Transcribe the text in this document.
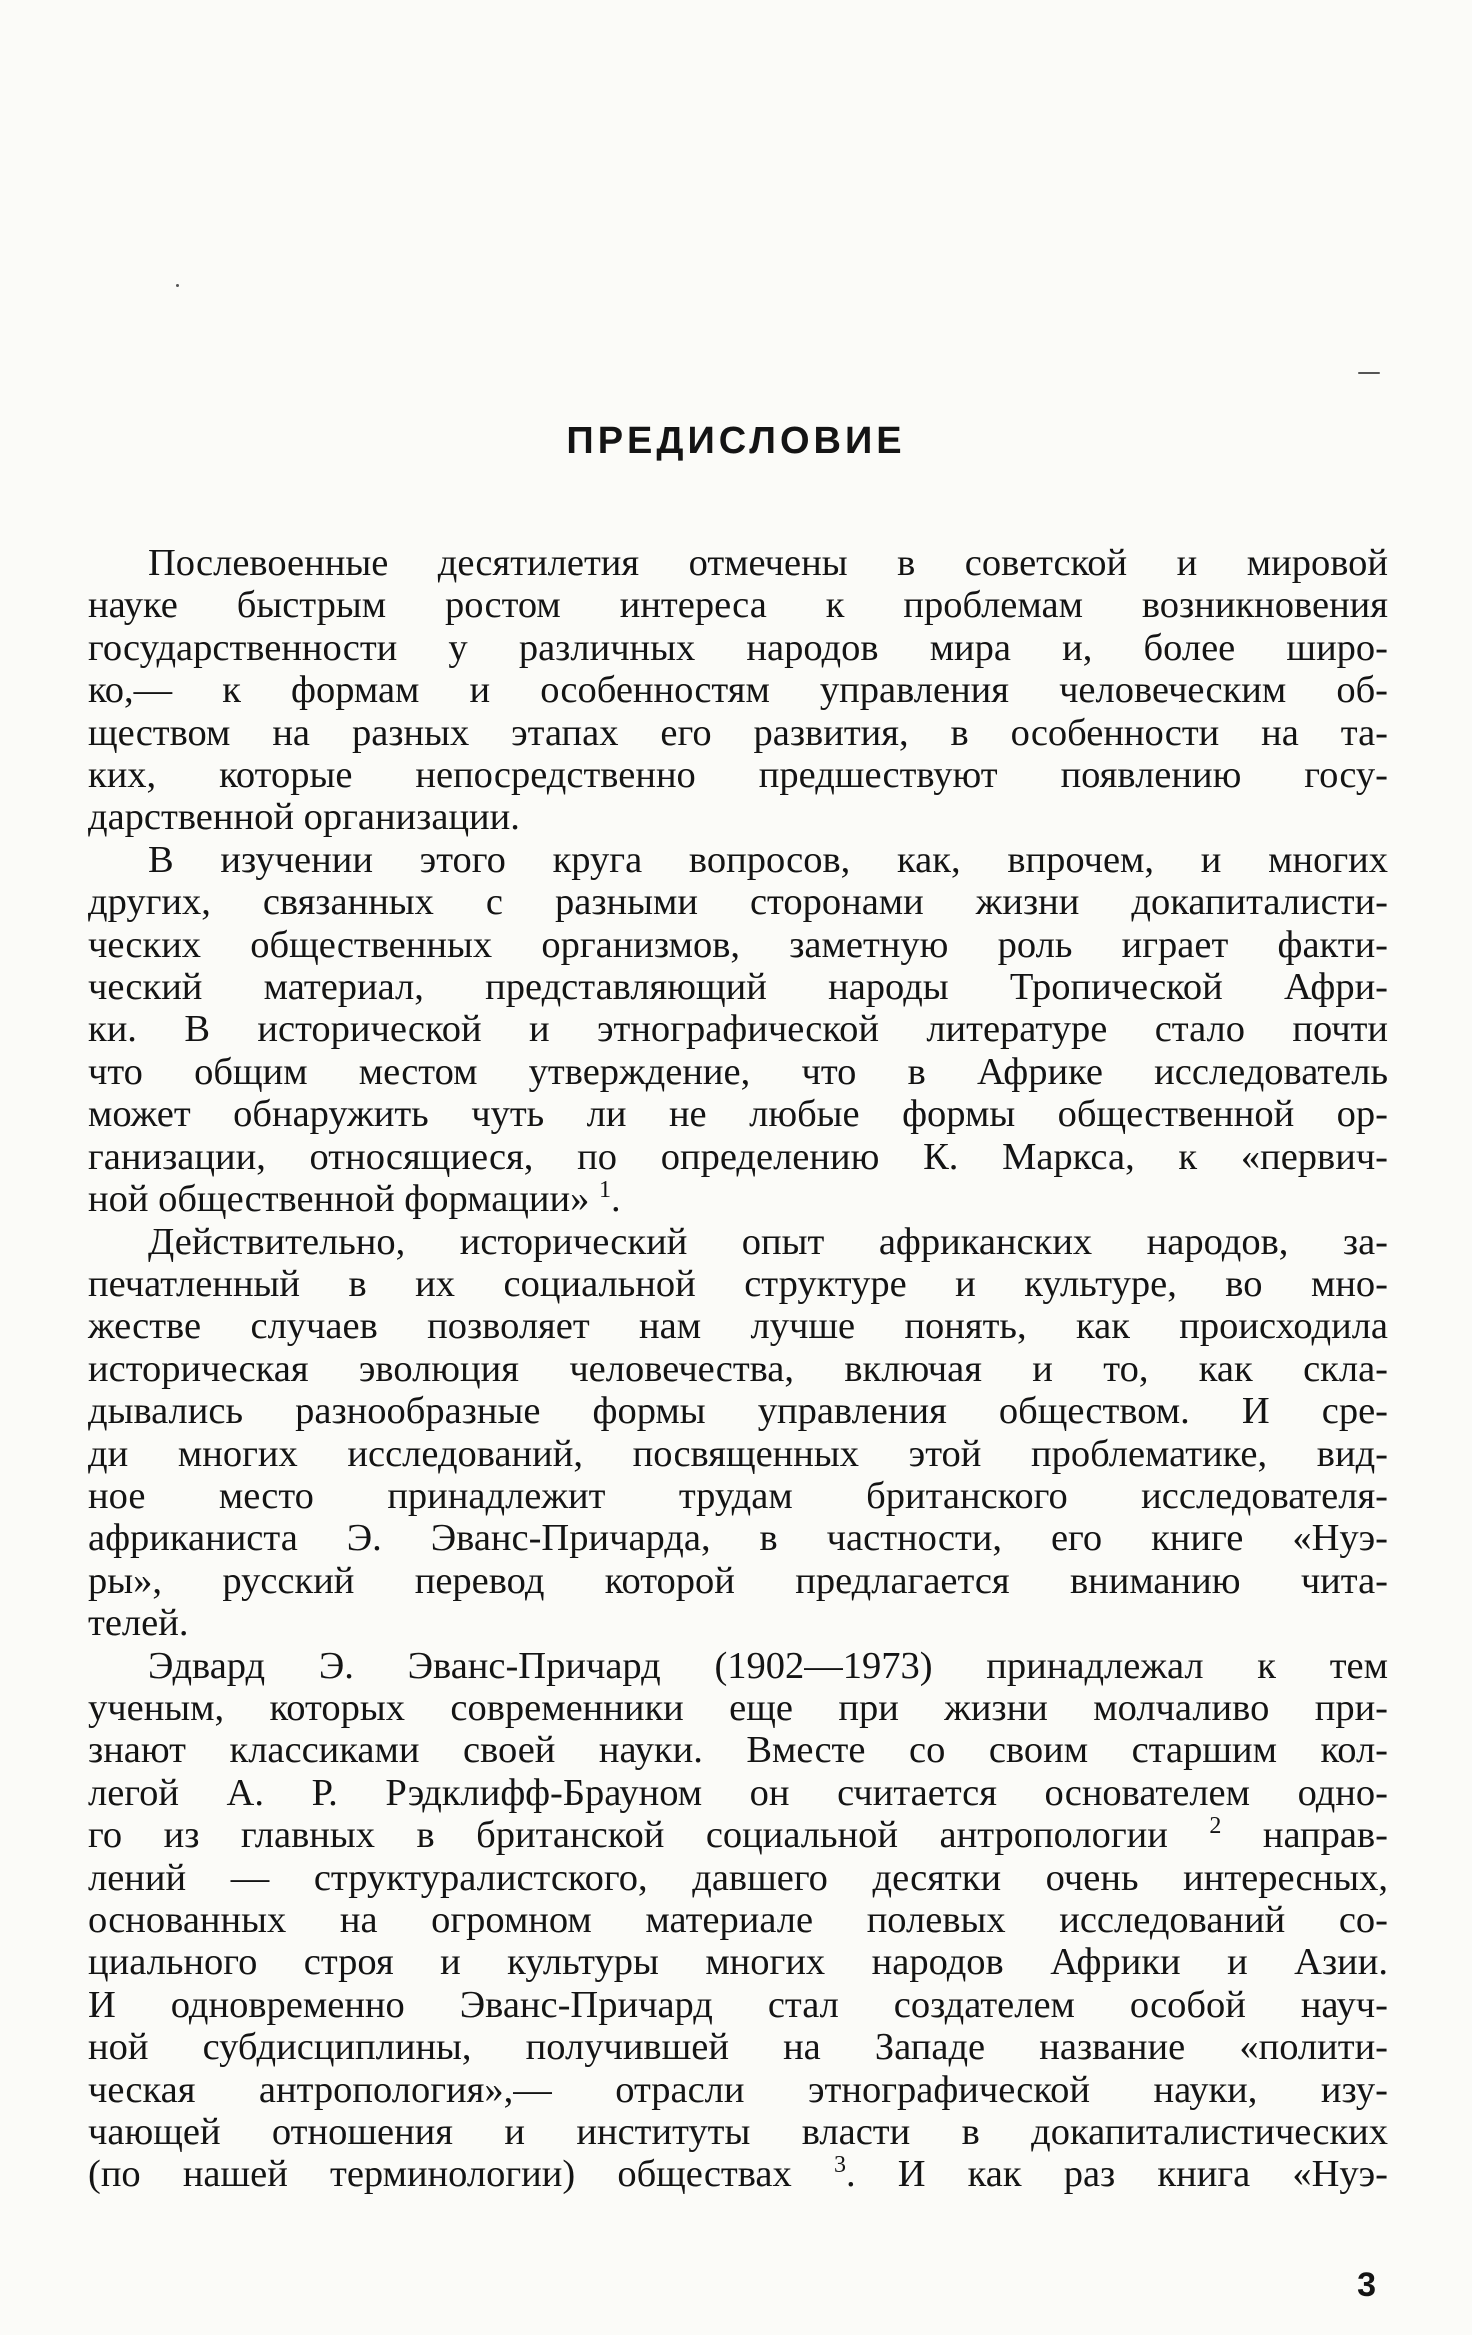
ПРЕДИСЛОВИЕ
Послевоенные десятилетия отмечены в советской и мировой
науке быстрым ростом интереса к проблемам возникновения
государственности у различных народов мира и, более широ-
ко,— к формам и особенностям управления человеческим об-
ществом на разных этапах его развития, в особенности на та-
ких, которые непосредственно предшествуют появлению госу-
дарственной организации.
В изучении этого круга вопросов, как, впрочем, и многих
других, связанных с разными сторонами жизни докапиталисти-
ческих общественных организмов, заметную роль играет факти-
ческий материал, представляющий народы Тропической Афри-
ки. В исторической и этнографической литературе стало почти
что общим местом утверждение, что в Африке исследователь
может обнаружить чуть ли не любые формы общественной ор-
ганизации, относящиеся, по определению К. Маркса, к «первич-
ной общественной формации» $^1$.
Действительно, исторический опыт африканских народов, за-
печатленный в их социальной структуре и культуре, во мно-
жестве случаев позволяет нам лучше понять, как происходила
историческая эволюция человечества, включая и то, как скла-
дывались разнообразные формы управления обществом. И сре-
ди многих исследований, посвященных этой проблематике, вид-
ное место принадлежит трудам британского исследователя-
африканиста Э. Эванс-Причарда, в частности, его книге «Нуэ-
ры», русский перевод которой предлагается вниманию чита-
телей.
Эдвард Э. Эванс-Причард (1902—1973) принадлежал к тем
ученым, которых современники еще при жизни молчаливо при-
знают классиками своей науки. Вместе со своим старшим кол-
легой А. Р. Рэдклифф-Брауном он считается основателем одно-
го из главных в британской социальной антропологии $^2$ направ-
лений — структуралистского, давшего десятки очень интересных,
основанных на огромном материале полевых исследований со-
циального строя и культуры многих народов Африки и Азии.
И одновременно Эванс-Причард стал создателем особой науч-
ной субдисциплины, получившей на Западе название «полити-
ческая антропология»,— отрасли этнографической науки, изу-
чающей отношения и институты власти в докапиталистических
(по нашей терминологии) обществах $^3$. И как раз книга «Нуэ-
3
